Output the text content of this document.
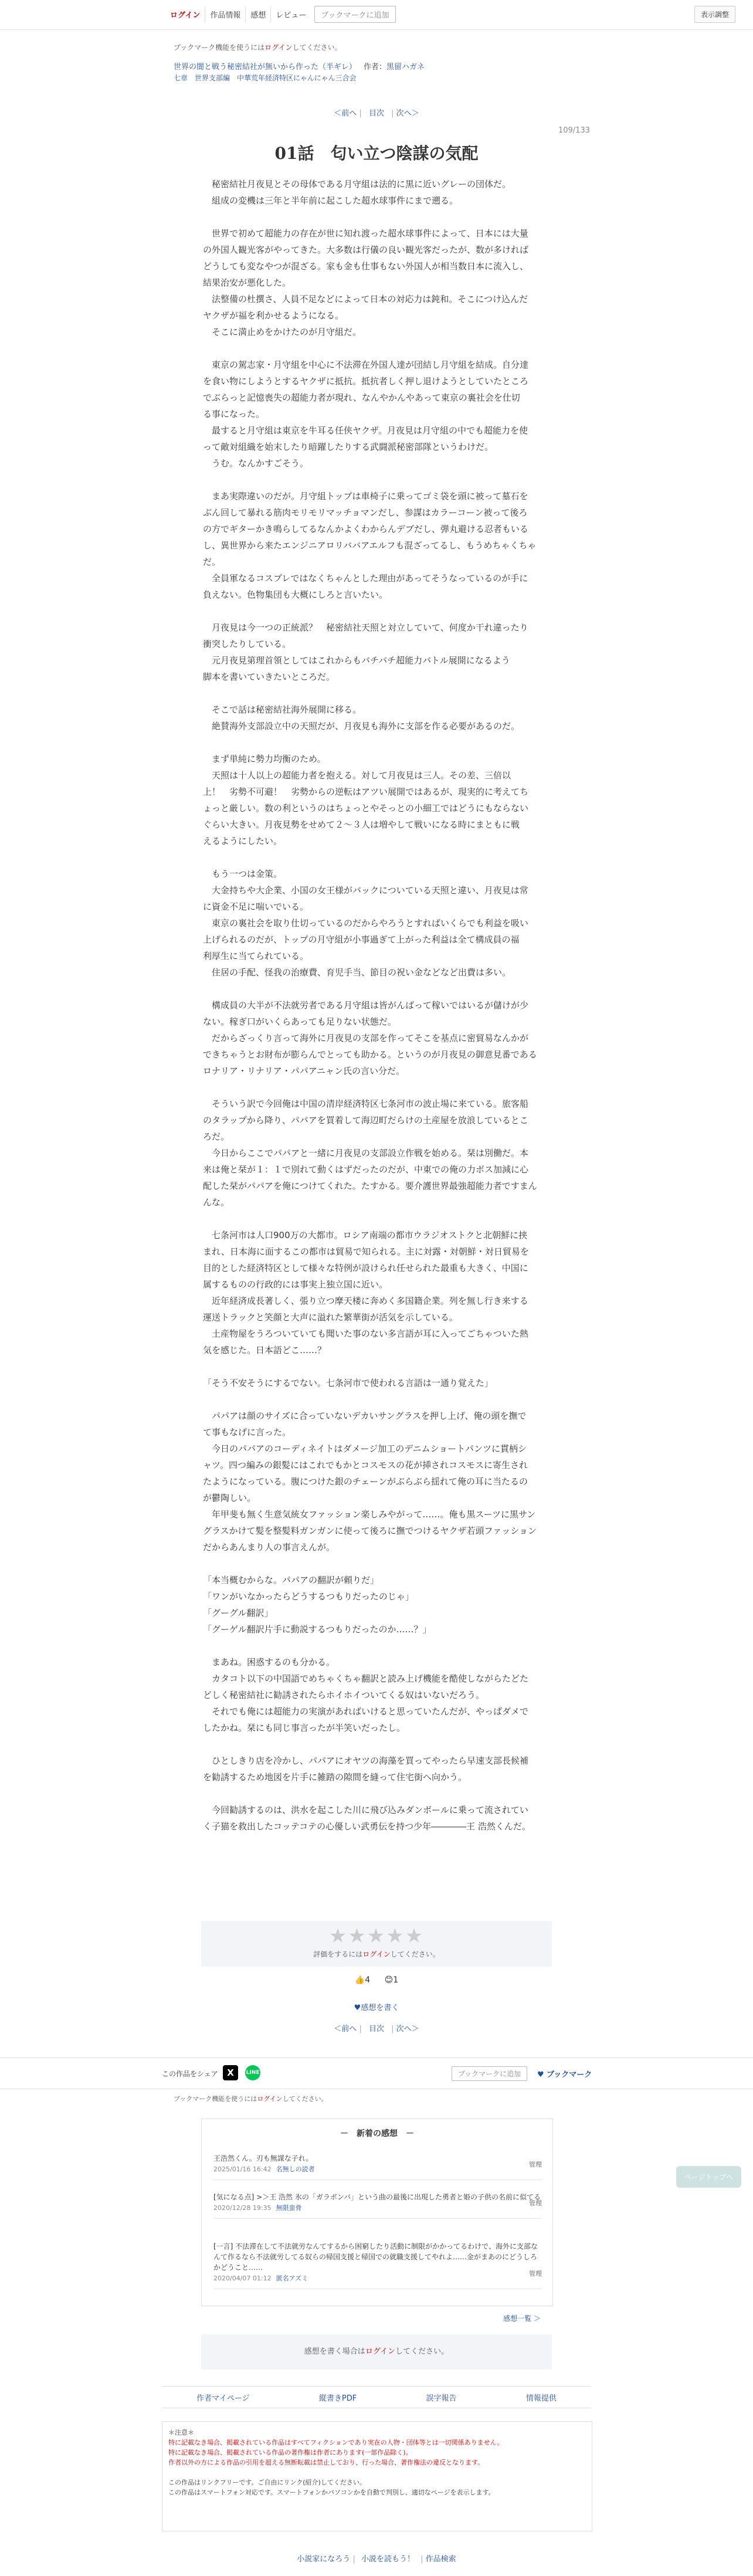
ログイン	作品情報	感想	レビュー	ブックマークに追加	表示調整
ブックマーク機能を使うにはログインしてください。
世界の闇と戦う秘密結社が無いから作った（半ギレ） 作者：黒留ハガネ
七章　世界支部編　中華荒年経済特区にゃんにゃん三合会
＜前へ | 目次 | 次へ＞
109/133
01話　匂い立つ陰謀の気配

　秘密結社月夜見とその母体である月守組は法的に黒に近いグレーの団体だ。

　組成の変機は三年と半年前に起こした超水球事件にまで遡る。

　世界で初めて超能力の存在が世に知れ渡った超水球事件によって、日本には大量

の外国人観光客がやってきた。大多数は行儀の良い観光客だったが、数が多ければ

どうしても変なやつが混ざる。家も金も仕事もない外国人が相当数日本に流入し、

結果治安が悪化した。

　法整備の杜撰さ、人員不足などによって日本の対応力は鈍和。そこにつけ込んだ

ヤクザが福を利かせるようになる。

　そこに満止めをかけたのが月守組だ。

　東京の駕志家・月守組を中心に不法滞在外国人達が団結し月守組を結成。自分達

を食い物にしようとするヤクザに抵抗。抵抗者しく押し退けようとしていたところ

でぶらっと記憶喪失の超能力者が現れ、なんやかんやあって東京の裏社会を仕切

る事になった。

　最すると月守組は東京を牛耳る任侠ヤクザ。月夜見は月守組の中でも超能力を使

って敵対組織を始末したり暗躍したりする武闘派秘密部隊というわけだ。

　うむ。なんかすごそう。

　まあ実際違いのだが。月守組トップは車椅子に乗ってゴミ袋を頭に被って墓石を

ぶん回して暴れる筋肉モリモリマッチョマンだし、参謀はカラーコーン被って後ろ

の方でギターかき鳴らしてるなんかよくわからんデブだし、弾丸避ける忍者もいる

し、異世界から来たエンジニアロリババアエルフも混ざってるし、もうめちゃくちゃ

だ。

　全員軍なるコスプレではなくちゃんとした理由があってそうなっているのが手に

負えない。色物集団も大概にしろと言いたい。

　月夜見は今一つの正統派？　秘密結社天照と対立していて、何度か干れ違ったり

衝突したりしている。

　元月夜見第理首領としてはこれからもバチバチ超能力バトル展開になるよう

脚本を書いていきたいところだ。

　そこで話は秘密結社海外展開に移る。

　絶賛海外支部設立中の天照だが、月夜見も海外に支部を作る必要があるのだ。

　まず単純に勢力均衡のため。

　天照は十人以上の超能力者を抱える。対して月夜見は三人。その差、三倍以

上！　劣勢不可避！　劣勢からの逆転はアツい展開ではあるが、現実的に考えてち

ょっと厳しい。数の利というのはちょっとやそっとの小細工ではどうにもならない

ぐらい大きい。月夜見勢をせめて２～３人は増やして戦いになる時にまともに戦

えるようにしたい。

　もう一つは金策。

　大金持ちや大企業、小国の女王様がバックについている天照と違い、月夜見は常

に資金不足に喘いでいる。

　東京の裏社会を取り仕切っているのだからやろうとすればいくらでも利益を吸い

上げられるのだが、トップの月守組が小事過ぎて上がった利益は全て構成員の福

利厚生に当てられている。

　住居の手配、怪我の治療費、育児手当、節目の祝い金などなど出費は多い。

　構成員の大半が不法就労者である月守組は皆がんばって稼いではいるが儲けが少

ない。稼ぎ口がいくらあっても足りない状態だ。

　だからざっくり言って海外に月夜見の支部を作ってそこを基点に密貿易なんかが

できちゃうとお財布が膨らんでとっても助かる。というのが月夜見の御意見番である

ロナリア・リナリア・パパアニャン氏の言い分だ。

　そういう訳で今回俺は中国の清岸経済特区七条河市の波止場に来ている。旅客船

のタラップから降り、パパアを買着して海辺町だらけの土産屋を放浪しているとこ

ろだ。

　今日からここでパパアと一緒に月夜見の支部設立作戦を始める。栞は別働だ。本

来は俺と栞が１：１で別れて動くはずだったのだが、中東での俺の力ボス加減に心

配した栞がパパアを俺につけてくれた。たすかる。要介護世界最強超能力者ですまん

んな。

　七条河市は人口900万の大都市。ロシア南端の都市ウラジオストクと北朝鮮に挟

まれ、日本海に面するこの都市は貿易で知られる。主に対露・対朝鮮・対日貿易を

目的とした経済特区として様々な特例が設けられ任せられた最重も大きく、中国に

属するものの行政的には事実上独立国に近い。

　近年経済成長著しく、張り立つ摩天楼に奔めく多国籍企業。列を無し行き来する

運送トラックと笑顔と大声に溢れた繁華街が活気を示している。

　土産物屋をうろついていても聞いた事のない多言語が耳に入ってごちゃついた熱

気を感じた。日本語どこ……？

「そう不安そうにするでない。七条河市で使われる言語は一通り覚えた」

　パパアは顔のサイズに合っていないデカいサングラスを押し上げ、俺の頭を撫で

て事もなげに言った。

　今日のパパアのコーディネイトはダメージ加工のデニムショートパンツに貫柄シ

ャツ。四つ編みの銀髪にはこれでもかとコスモスの花が挿されコスモスに寄生され

たようになっている。腹につけた銀のチェーンがぶらぶら揺れて俺の耳に当たるの

が鬱陶しい。

　年甲斐も無く生意気統女ファッション楽しみやがって……。俺も黒スーツに黒サン

グラスかけて髪を整髪料ガンガンに使って後ろに撫でつけるヤクザ若頭ファッション

だからあんまり人の事言えんが。

「本当概むからな。パパアの翻訳が頼りだ」

「ワンがいなかったらどうするつもりだったのじゃ」

「グーグル翻訳」

「グーゲル翻訳片手に動説するつもりだったのか……？」

　まあね。困惑するのも分かる。

　カタコト以下の中国語でめちゃくちゃ翻訳と読み上げ機能を酷使しながらたどた

どしく秘密結社に勧誘されたらホイホイついてくる奴はいないだろう。

　それでも俺には超能力の実演があればいけると思っていたんだが、やっぱダメで

したかね。栞にも同じ事言ったが半笑いだったし。

　ひとしきり店を冷かし、パパアにオヤツの海藻を買ってやったら早速支部長候補

を勧誘するため地図を片手に雑踏の隙間を縫って住宅街へ向かう。

　今回勧誘するのは、洪水を起こした川に飛び込みダンボールに乗って流されてい

く子猫を救出したコッテコテの心優しい武勇伝を持つ少年――――王 浩然くんだ。

★★★★★
評価をするにはログインしてください。
👍4 😊1
♥感想を書く
＜前へ | 目次 | 次へ＞
この作品をシェア	X	LINE	ブックマークに追加	♥ ブックマーク
ブックマーク機能を使うにはログインしてください。
－　新着の感想　－
王浩然くん。刃も無謀な子れ。
2025/01/16 16:42 名無しの読者
管理
[気になる点] >＞王 浩然 氷の「ガラボンバ」という曲の最後に出現した勇者と姫の子供の名前に似てる
2020/12/28 19:35 無限蛮骨
管理
[一言] 不法滞在して不法就労なんてするから困窮したり活動に制限がかかってるわけで、海外に支部なんて作るなら不法就労してる奴らの帰国支援と帰国での就職支援してやれよ……金がまあのにどうしろかどうこと……
2020/04/07 01:12 匿名アズミ
管理
感想一覧 ＞
感想を書く場合はログインしてください。
作者マイページ	縦書きPDF	誤字報告	情報提供
＊注意＊
特に記載なき場合、掲載されている作品はすべてフィクションであり実在の人物・団体等とは一切関係ありません。
特に記載なき場合、掲載されている作品の著作権は作者にあります(一部作品除く)。
作者以外の方による作品の引用を超える無断転載は禁止しており、行った場合、著作権法の違反となります。
この作品はリンクフリーです。ご自由にリンク(紹介)してください。
この作品はスマートフォン対応です。スマートフォンかパソコンかを自動で判別し、適切なページを表示します。
小説家になろう | 小説を読もう！ | 作品検索
ページトップへ
